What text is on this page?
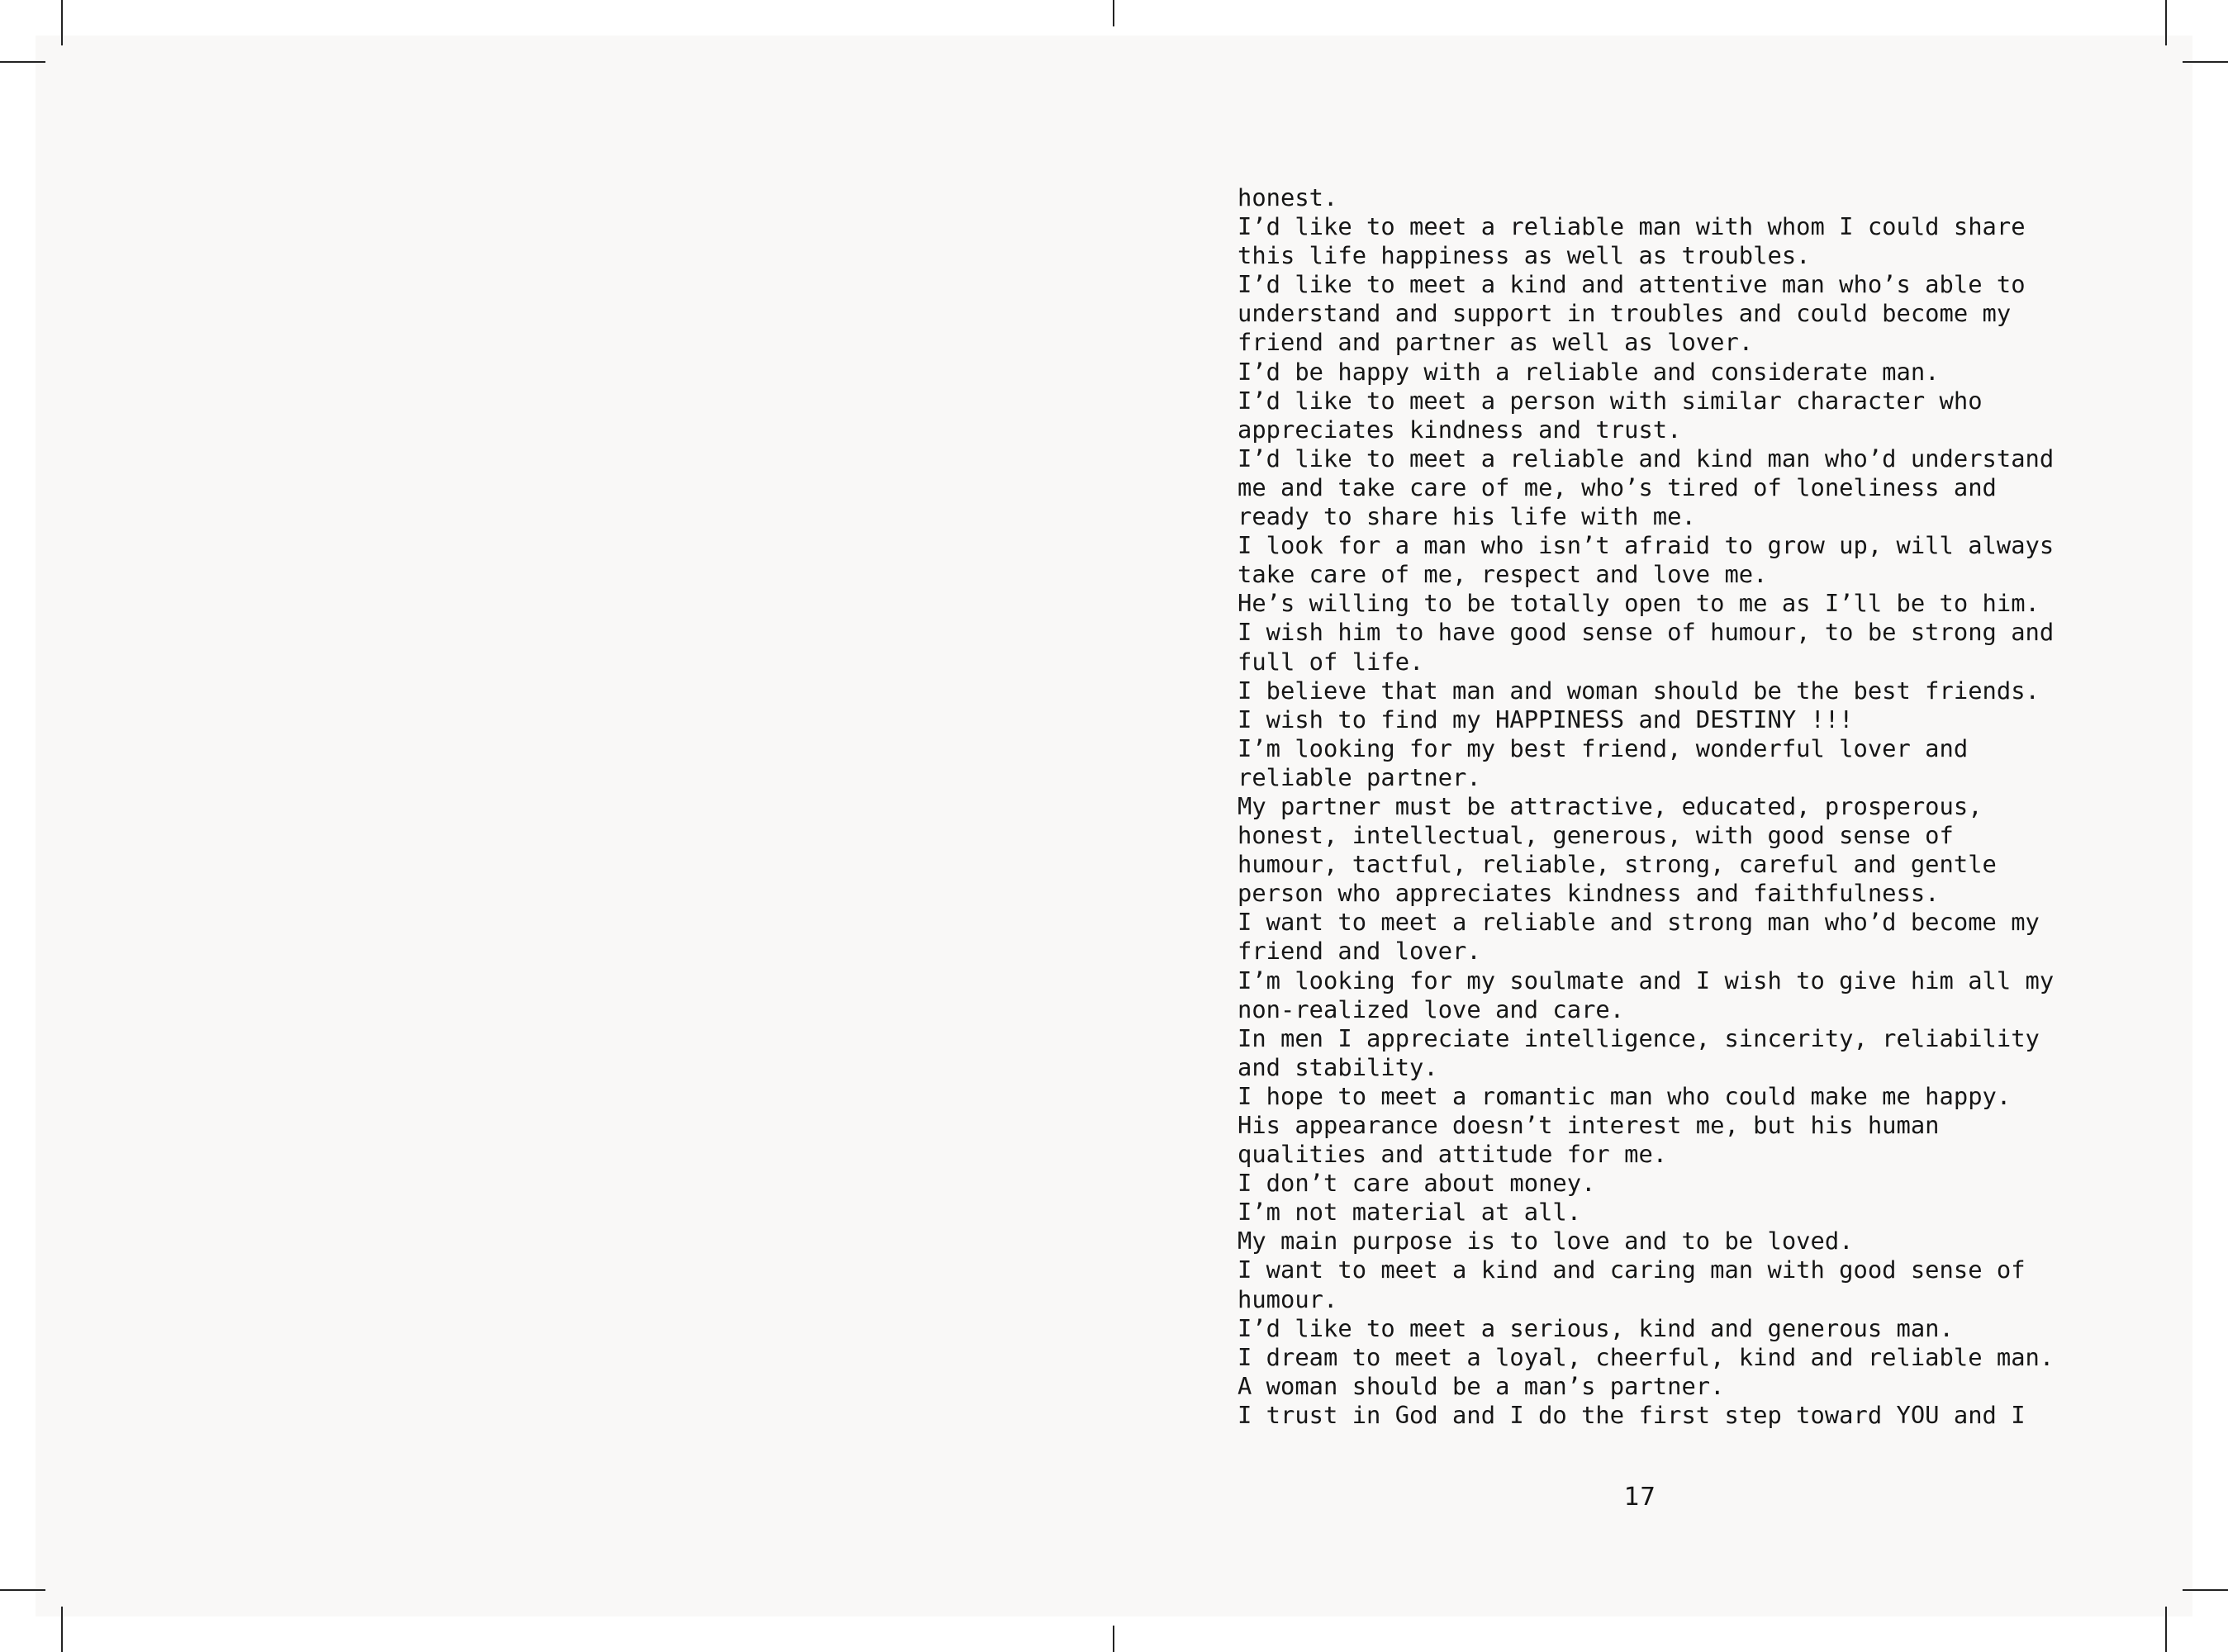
honest.
I’d like to meet a reliable man with whom I could share
this life happiness as well as troubles.
I’d like to meet a kind and attentive man who’s able to
understand and support in troubles and could become my
friend and partner as well as lover.
I’d be happy with a reliable and considerate man.
I’d like to meet a person with similar character who
appreciates kindness and trust.
I’d like to meet a reliable and kind man who’d understand
me and take care of me, who’s tired of loneliness and
ready to share his life with me.
I look for a man who isn’t afraid to grow up, will always
take care of me, respect and love me.
He’s willing to be totally open to me as I’ll be to him.
I wish him to have good sense of humour, to be strong and
full of life.
I believe that man and woman should be the best friends.
I wish to find my HAPPINESS and DESTINY !!!
I’m looking for my best friend, wonderful lover and
reliable partner.
My partner must be attractive, educated, prosperous,
honest, intellectual, generous, with good sense of
humour, tactful, reliable, strong, careful and gentle
person who appreciates kindness and faithfulness.
I want to meet a reliable and strong man who’d become my
friend and lover.
I’m looking for my soulmate and I wish to give him all my
non-realized love and care.
In men I appreciate intelligence, sincerity, reliability
and stability.
I hope to meet a romantic man who could make me happy.
His appearance doesn’t interest me, but his human
qualities and attitude for me.
I don’t care about money.
I’m not material at all.
My main purpose is to love and to be loved.
I want to meet a kind and caring man with good sense of
humour.
I’d like to meet a serious, kind and generous man.
I dream to meet a loyal, cheerful, kind and reliable man.
A woman should be a man’s partner.
I trust in God and I do the first step toward YOU and I
17
